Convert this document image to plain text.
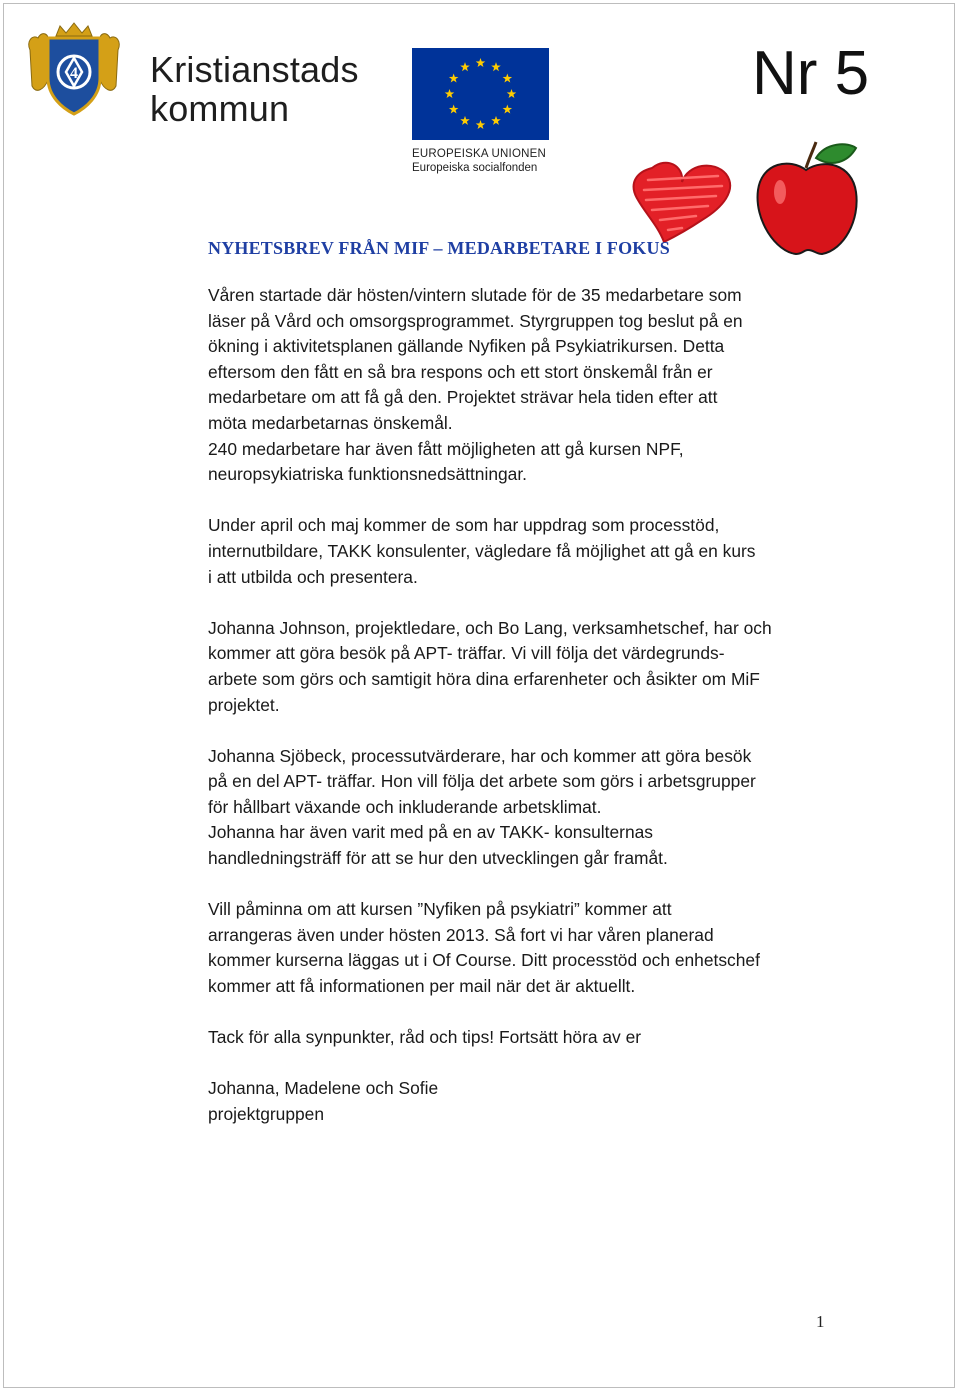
4 Kristianstads
kommun
EUROPEISKA UNIONEN
Europeiska socialfonden
Nr 5
NYHETSBREV FRÅN MIF – MEDARBETARE I FOKUS

Våren startade där hösten/vintern slutade för de 35 medarbetare som
läser på Vård och omsorgsprogrammet. Styrgruppen tog beslut på en
ökning i aktivitetsplanen gällande Nyfiken på Psykiatrikursen. Detta
eftersom den fått en så bra respons och ett stort önskemål från er
medarbetare om att få gå den. Projektet strävar hela tiden efter att
möta medarbetarnas önskemål.
240 medarbetare har även fått möjligheten att gå kursen NPF,
neuropsykiatriska funktionsnedsättningar.

Under april och maj kommer de som har uppdrag som processtöd,
internutbildare, TAKK konsulenter, vägledare få möjlighet att gå en kurs
i att utbilda och presentera.

Johanna Johnson, projektledare, och Bo Lang, verksamhetschef, har och
kommer att göra besök på APT- träffar. Vi vill följa det värdegrunds-
arbete som görs och samtigit höra dina erfarenheter och åsikter om MiF
projektet.

Johanna Sjöbeck, processutvärderare, har och kommer att göra besök
på en del APT- träffar. Hon vill följa det arbete som görs i arbetsgrupper
för hållbart växande och inkluderande arbetsklimat.
Johanna har även varit med på en av TAKK- konsulternas
handledningsträff för att se hur den utvecklingen går framåt.

Vill påminna om att kursen ”Nyfiken på psykiatri” kommer att
arrangeras även under hösten 2013. Så fort vi har våren planerad
kommer kurserna läggas ut i Of Course. Ditt processtöd och enhetschef
kommer att få informationen per mail när det är aktuellt.

Tack för alla synpunkter, råd och tips! Fortsätt höra av er

Johanna, Madelene och Sofie
projektgruppen

1
